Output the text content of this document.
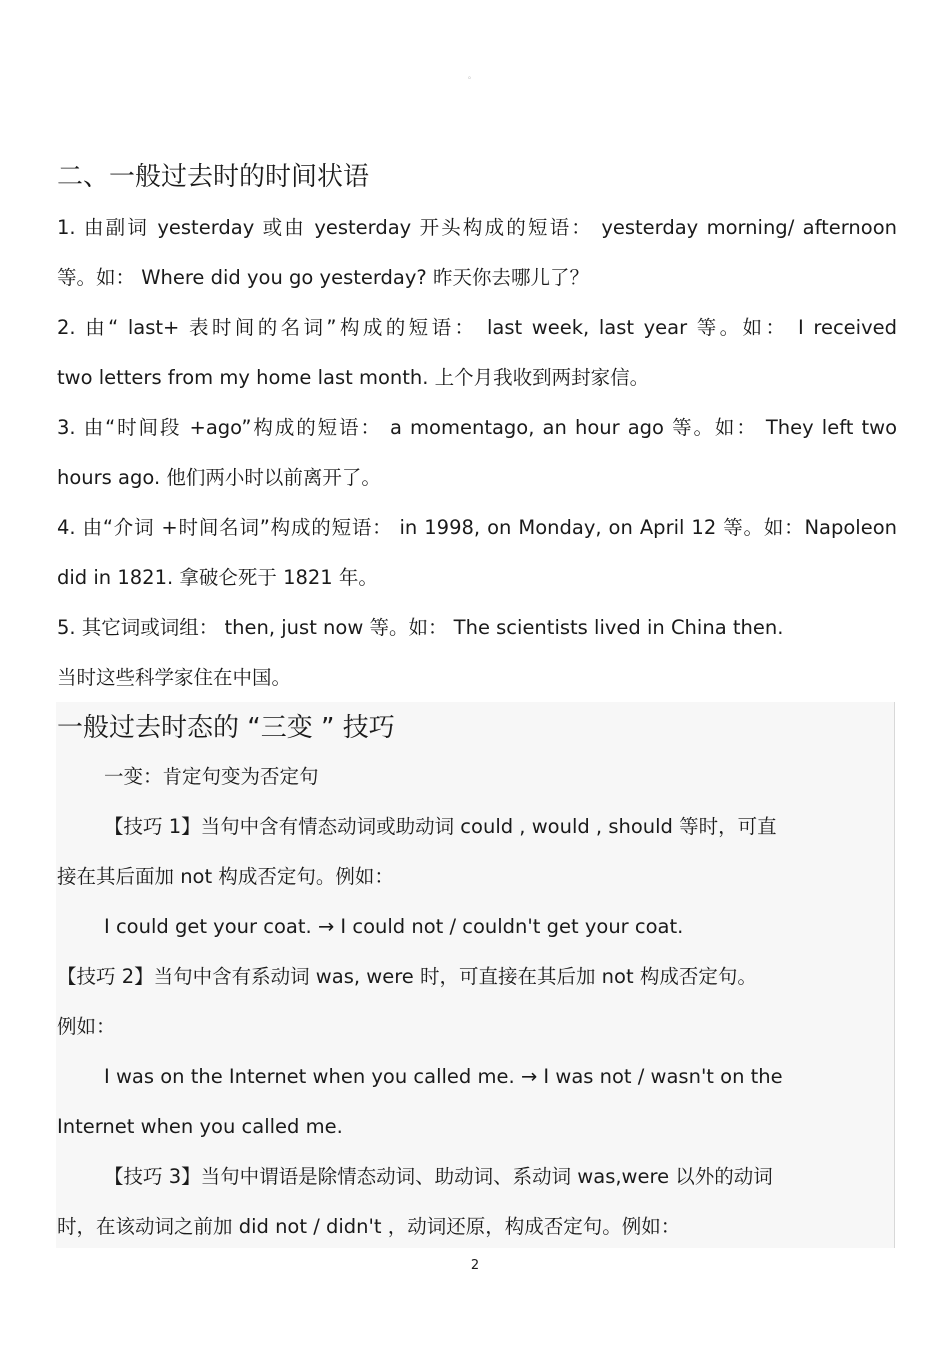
。
二、一般过去时的时间状语
1. 由副词 yesterday 或由 yesterday 开头构成的短语： yesterday morning/ afternoon
等。如： Where did you go yesterday? 昨天你去哪儿了？
2. 由“ last+ 表时间的名词”构成的短语： last week, last year 等。如： I received
two letters from my home last month. 上个月我收到两封家信。
3. 由“时间段 +ago”构成的短语： a momentago, an hour ago 等。如： They left two
hours ago. 他们两小时以前离开了。
4. 由“介词 +时间名词”构成的短语： in 1998, on Monday, on April 12 等。如：Napoleon
did in 1821. 拿破仑死于 1821 年。
5. 其它词或词组： then, just now 等。如： The scientists lived in China then.
当时这些科学家住在中国。
一般过去时态的 “三变 ” 技巧
一变：肯定句变为否定句
【技巧 1】当句中含有情态动词或助动词 could , would , should 等时，可直
接在其后面加 not 构成否定句。例如：
I could get your coat. → I could not / couldn't get your coat.
【技巧 2】当句中含有系动词 was, were 时，可直接在其后加 not 构成否定句。
例如：
I was on the Internet when you called me. → I was not / wasn't on the
Internet when you called me.
【技巧 3】当句中谓语是除情态动词、助动词、系动词 was,were 以外的动词
时，在该动词之前加 did not / didn't ，动词还原，构成否定句。例如：
2
